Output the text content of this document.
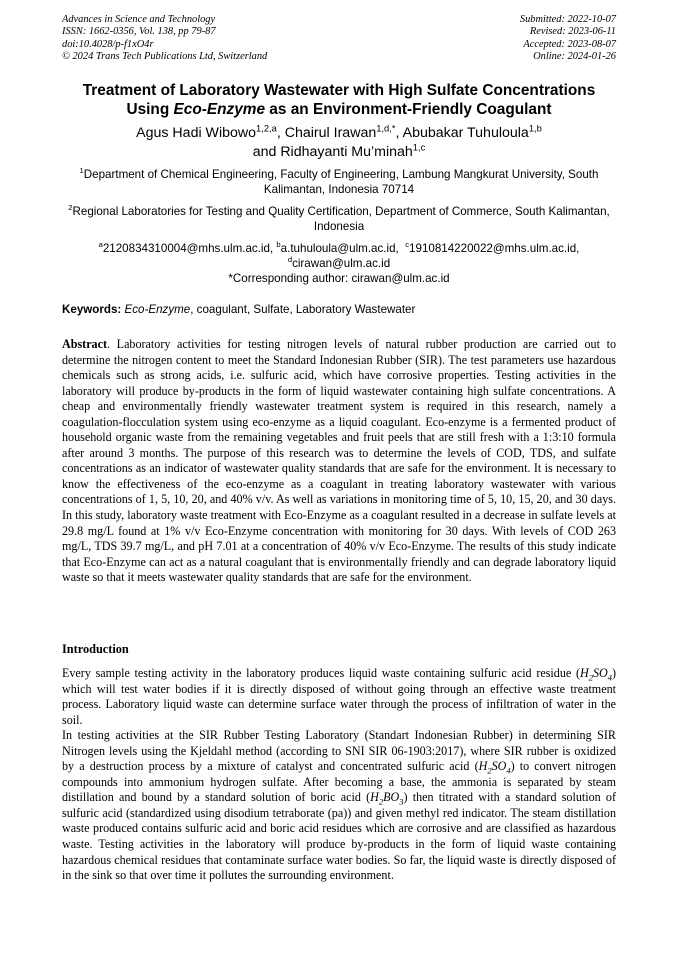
Advances in Science and Technology
ISSN: 1662-0356, Vol. 138, pp 79-87
doi:10.4028/p-f1xO4r
© 2024 Trans Tech Publications Ltd, Switzerland
Submitted: 2022-10-07
Revised: 2023-06-11
Accepted: 2023-08-07
Online: 2024-01-26
Treatment of Laboratory Wastewater with High Sulfate Concentrations
Using Eco-Enzyme as an Environment-Friendly Coagulant
Agus Hadi Wibowo$^{1,2,a}$, Chairul Irawan$^{1,d,*}$, Abubakar Tuhuloula$^{1,b}$
and Ridhayanti Mu’minah$^{1,c}$
$^1$Department of Chemical Engineering, Faculty of Engineering, Lambung Mangkurat University, South Kalimantan, Indonesia 70714
$^2$Regional Laboratories for Testing and Quality Certification, Department of Commerce, South Kalimantan, Indonesia
$^a$2120834310004@mhs.ulm.ac.id, $^b$a.tuhuloula@ulm.ac.id,  $^c$1910814220022@mhs.ulm.ac.id,
$^d$cirawan@ulm.ac.id
*Corresponding author: cirawan@ulm.ac.id
Keywords: Eco-Enzyme, coagulant, Sulfate, Laboratory Wastewater

Abstract. Laboratory activities for testing nitrogen levels of natural rubber production are carried out to determine the nitrogen content to meet the Standard Indonesian Rubber (SIR). The test parameters use hazardous chemicals such as strong acids, i.e. sulfuric acid, which have corrosive properties. Testing activities in the laboratory will produce by-products in the form of liquid wastewater containing high sulfate concentrations. A cheap and environmentally friendly wastewater treatment system is required in this research, namely a coagulation-flocculation system using eco-enzyme as a liquid coagulant. Eco-enzyme is a fermented product of household organic waste from the remaining vegetables and fruit peels that are still fresh with a 1:3:10 formula after around 3 months. The purpose of this research was to determine the levels of COD, TDS, and sulfate concentrations as an indicator of wastewater quality standards that are safe for the environment. It is necessary to know the effectiveness of the eco-enzyme as a coagulant in treating laboratory wastewater with various concentrations of 1, 5, 10, 20, and 40% v/v. As well as variations in monitoring time of 5, 10, 15, 20, and 30 days. In this study, laboratory waste treatment with Eco-Enzyme as a coagulant resulted in a decrease in sulfate levels at 29.8 mg/L found at 1% v/v Eco-Enzyme concentration with monitoring for 30 days. With levels of COD 263 mg/L, TDS 39.7 mg/L, and pH 7.01 at a concentration of 40% v/v Eco-Enzyme. The results of this study indicate that Eco-Enzyme can act as a natural coagulant that is environmentally friendly and can degrade laboratory liquid waste so that it meets wastewater quality standards that are safe for the environment.

Introduction

Every sample testing activity in the laboratory produces liquid waste containing sulfuric acid residue $(H_2SO_4)$ which will test water bodies if it is directly disposed of without going through an effective waste treatment process. Laboratory liquid waste can determine surface water through the process of infiltration of water in the soil.

In testing activities at the SIR Rubber Testing Laboratory (Standart Indonesian Rubber) in determining SIR Nitrogen levels using the Kjeldahl method (according to SNI SIR 06-1903:2017), where SIR rubber is oxidized by a destruction process by a mixture of catalyst and concentrated sulfuric acid $(H_2SO_4)$ to convert nitrogen compounds into ammonium hydrogen sulfate. After becoming a base, the ammonia is separated by steam distillation and bound by a standard solution of boric acid $(H_2BO_3)$ then titrated with a standard solution of sulfuric acid (standardized using disodium tetraborate (pa)) and given methyl red indicator. The steam distillation waste produced contains sulfuric acid and boric acid residues which are corrosive and are classified as hazardous waste. Testing activities in the laboratory will produce by-products in the form of liquid waste containing hazardous chemical residues that contaminate surface water bodies. So far, the liquid waste is directly disposed of in the sink so that over time it pollutes the surrounding environment.
